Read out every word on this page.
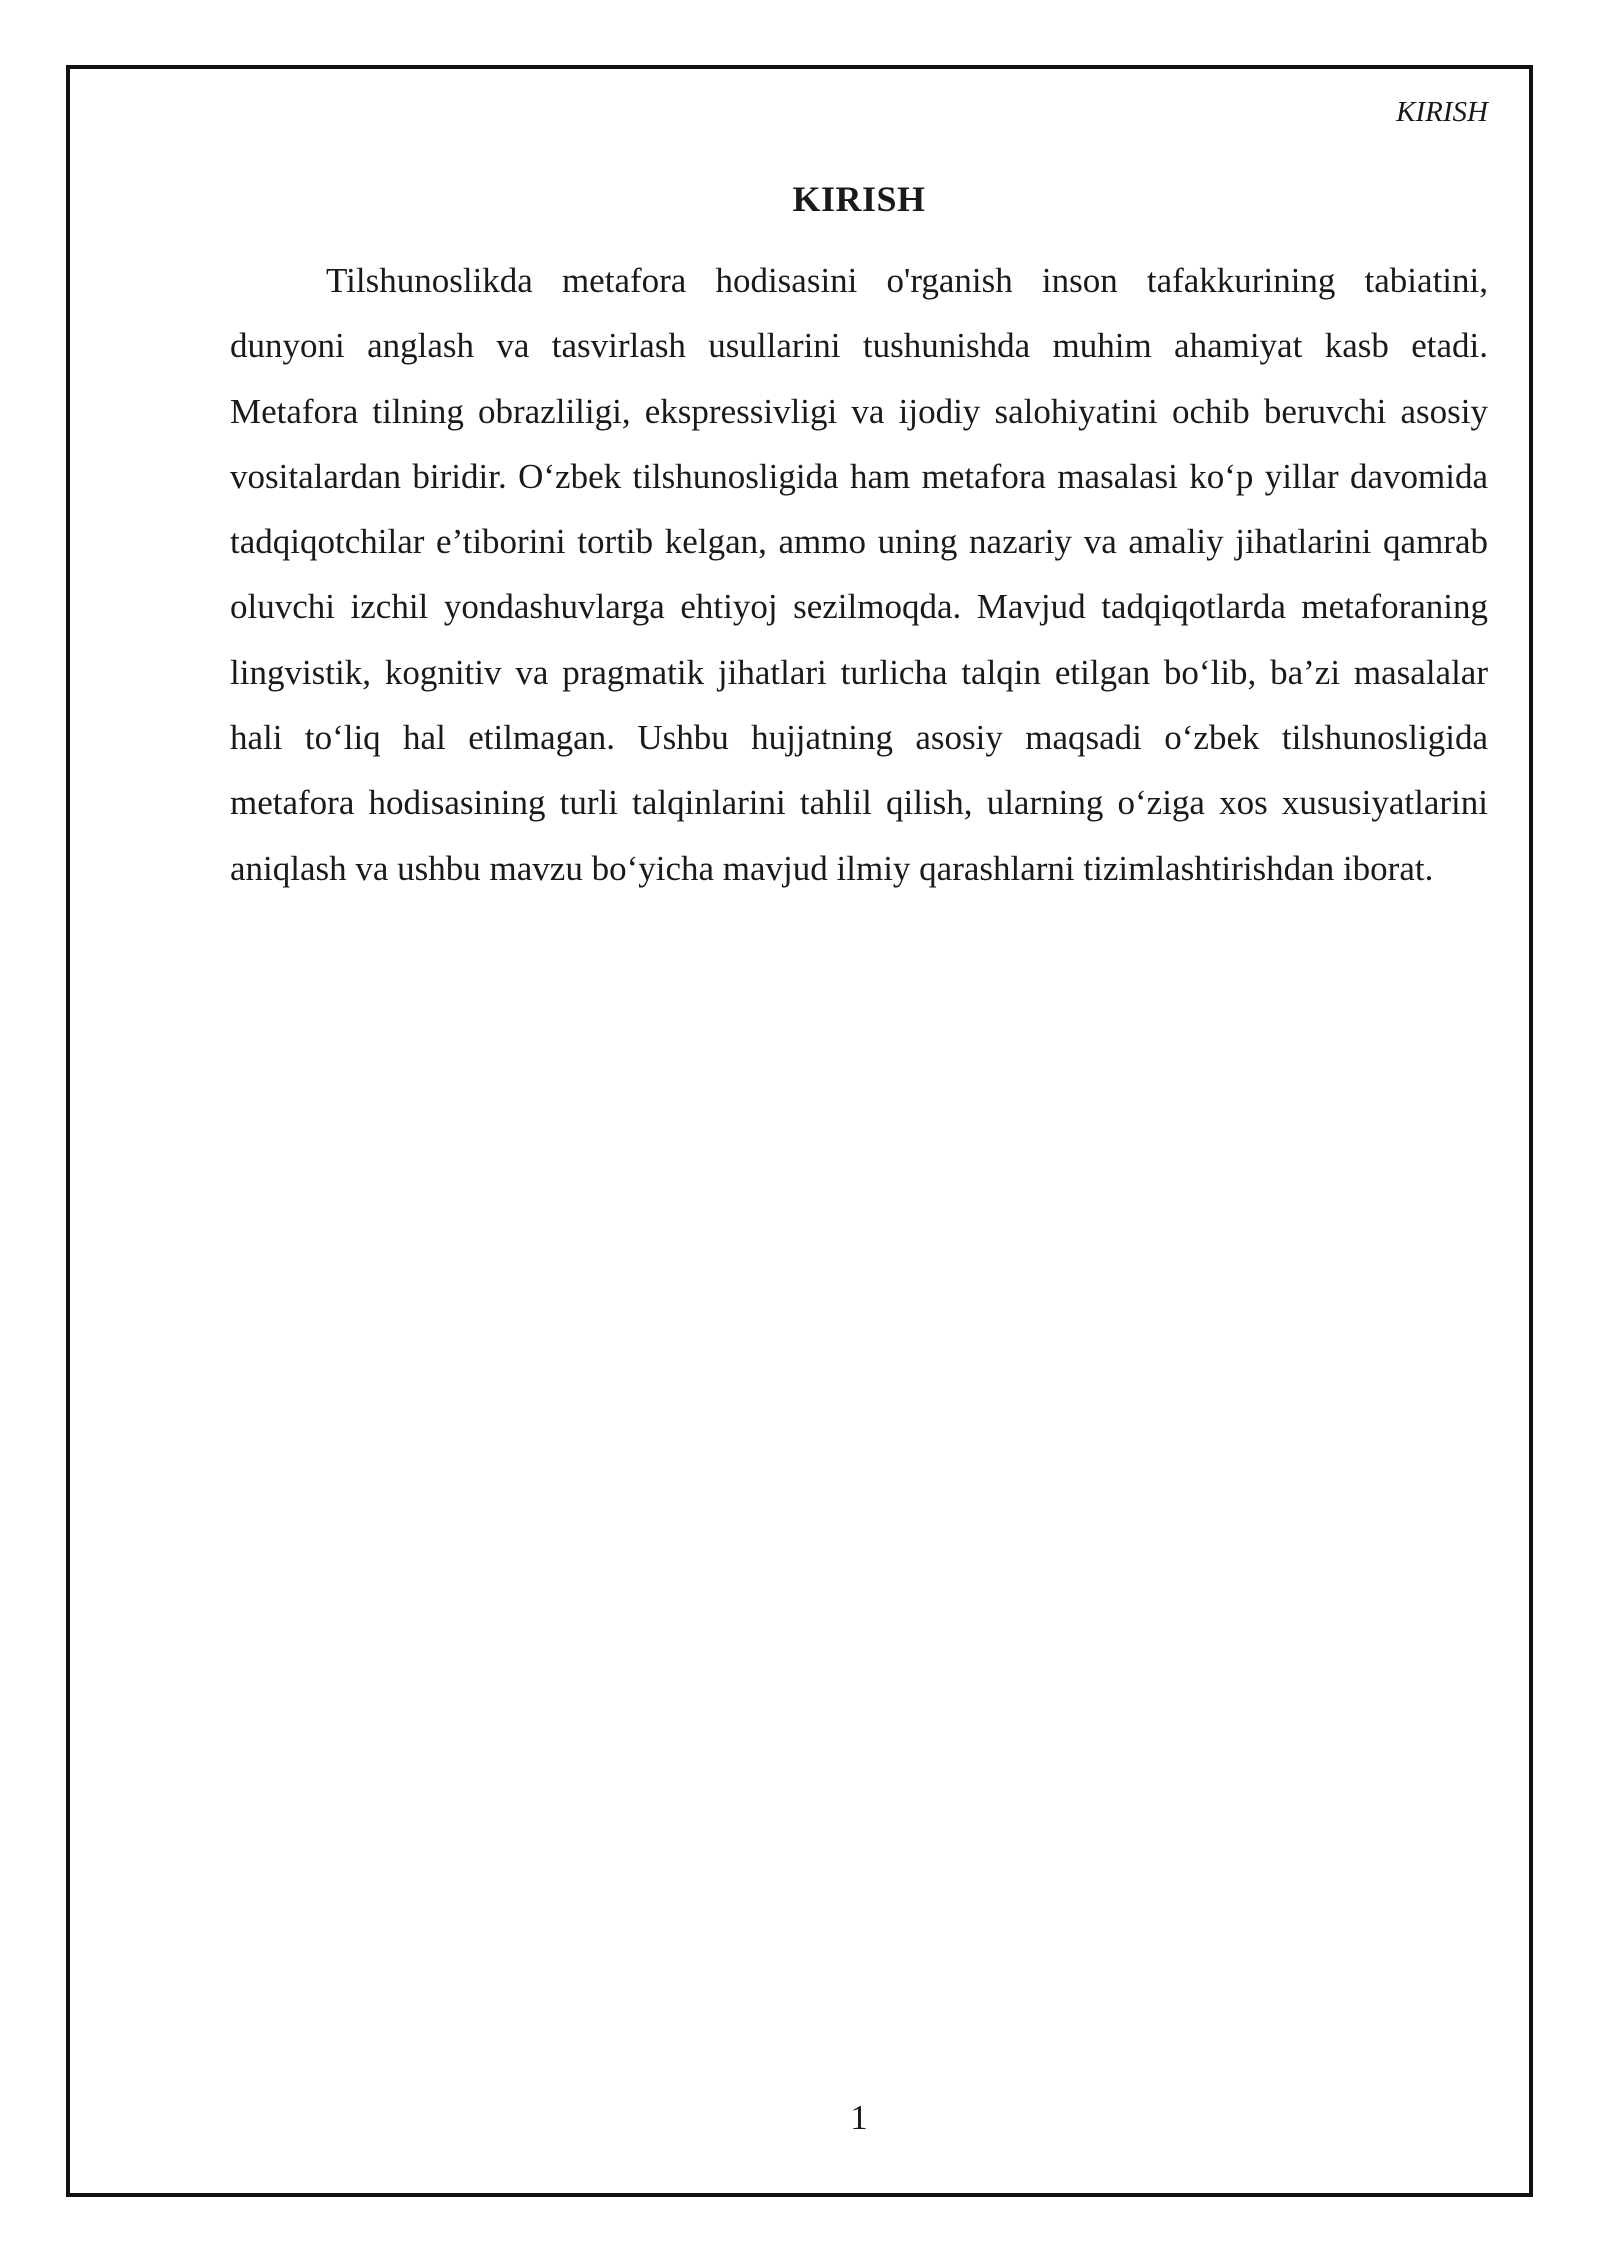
KIRISH
KIRISH

Tilshunoslikda metafora hodisasini o'rganish inson tafakkurining tabiatini, dunyoni anglash va tasvirlash usullarini tushunishda muhim ahamiyat kasb etadi. Metafora tilning obrazliligi, ekspressivligi va ijodiy salohiyatini ochib beruvchi asosiy vositalardan biridir. O‘zbek tilshunosligida ham metafora masalasi ko‘p yillar davomida tadqiqotchilar e’tiborini tortib kelgan, ammo uning nazariy va amaliy jihatlarini qamrab oluvchi izchil yondashuvlarga ehtiyoj sezilmoqda. Mavjud tadqiqotlarda metaforaning lingvistik, kognitiv va pragmatik jihatlari turlicha talqin etilgan bo‘lib, ba’zi masalalar hali to‘liq hal etilmagan. Ushbu hujjatning asosiy maqsadi o‘zbek tilshunosligida metafora hodisasining turli talqinlarini tahlil qilish, ularning o‘ziga xos xususiyatlarini aniqlash va ushbu mavzu bo‘yicha mavjud ilmiy qarashlarni tizimlashtirishdan iborat.

1
